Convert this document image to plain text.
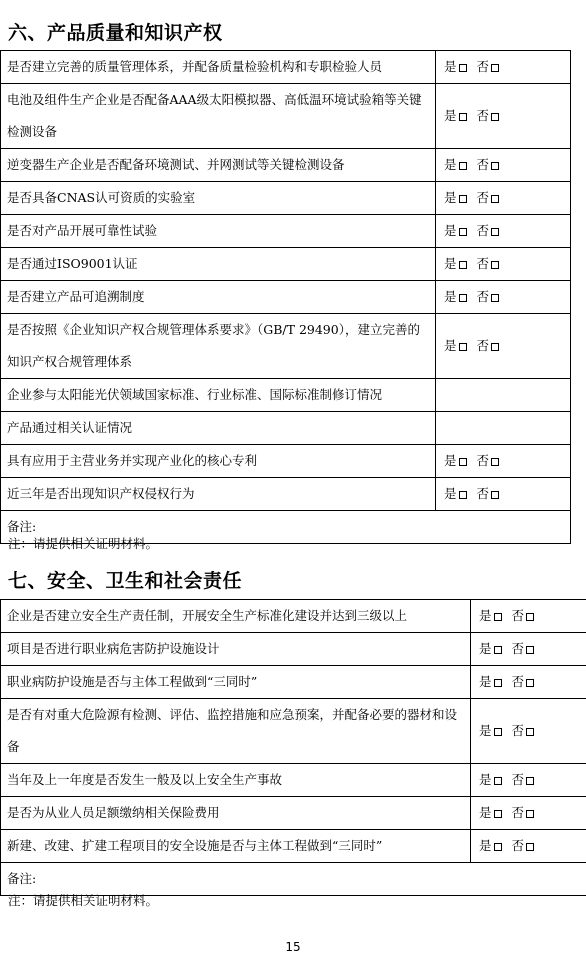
六、产品质量和知识产权
是否建立完善的质量管理体系，并配备质量检验机构和专职检验人员	是 否
电池及组件生产企业是否配备AAA级太阳模拟器、高低温环境试验箱等关键检测设备	是 否
逆变器生产企业是否配备环境测试、并网测试等关键检测设备	是 否
是否具备CNAS认可资质的实验室	是 否
是否对产品开展可靠性试验	是 否
是否通过ISO9001认证	是 否
是否建立产品可追溯制度	是 否
是否按照《企业知识产权合规管理体系要求》（GB/T 29490），建立完善的知识产权合规管理体系	是 否
企业参与太阳能光伏领域国家标准、行业标准、国际标准制修订情况	
产品通过相关认证情况	
具有应用于主营业务并实现产业化的核心专利	是 否
近三年是否出现知识产权侵权行为	是 否
备注:	
注：请提供相关证明材料。
七、安全、卫生和社会责任
企业是否建立安全生产责任制，开展安全生产标准化建设并达到三级以上	是 否
项目是否进行职业病危害防护设施设计	是 否
职业病防护设施是否与主体工程做到“三同时”	是 否
是否有对重大危险源有检测、评估、监控措施和应急预案，并配备必要的器材和设备	是 否
当年及上一年度是否发生一般及以上安全生产事故	是 否
是否为从业人员足额缴纳相关保险费用	是 否
新建、改建、扩建工程项目的安全设施是否与主体工程做到“三同时”	是 否
备注:	
注：请提供相关证明材料。
15
